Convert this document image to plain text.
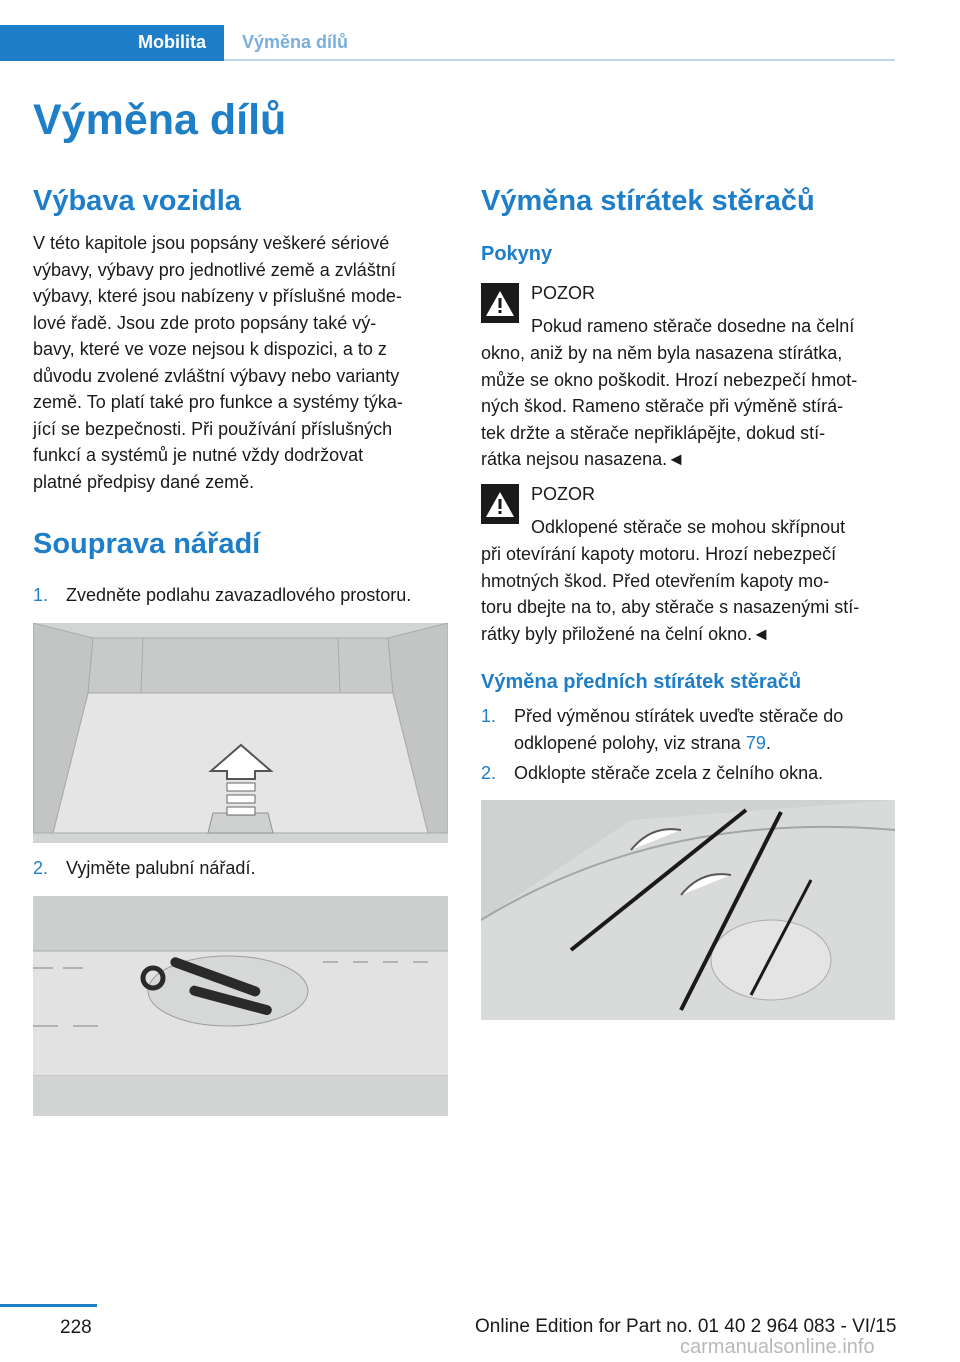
Mobilita Výměna dílů
Výměna dílů
Výbava vozidla

V této kapitole jsou popsány veškeré sériové
výbavy, výbavy pro jednotlivé země a zvláštní
výbavy, které jsou nabízeny v příslušné mode‐
lové řadě. Jsou zde proto popsány také vý‐
bavy, které ve voze nejsou k dispozici, a to z
důvodu zvolené zvláštní výbavy nebo varianty
země. To platí také pro funkce a systémy týka‐
jící se bezpečnosti. Při používání příslušných
funkcí a systémů je nutné vždy dodržovat
platné předpisy dané země.

Souprava nářadí
1. Zvedněte podlahu zavazadlového prostoru.
2. Vyjměte palubní nářadí.
Výměna stírátek stěračů
Pokyny
POZOR
Pokud rameno stěrače dosedne na čelní

okno, aniž by na něm byla nasazena stírátka,
může se okno poškodit. Hrozí nebezpečí hmot‐
ných škod. Rameno stěrače při výměně stírá‐
tek držte a stěrače nepřiklápějte, dokud stí‐
rátka nejsou nasazena.◄

POZOR
Odklopené stěrače se mohou skřípnout

při otevírání kapoty motoru. Hrozí nebezpečí
hmotných škod. Před otevřením kapoty mo‐
toru dbejte na to, aby stěrače s nasazenými stí‐
rátky byly přiložené na čelní okno.◄

Výměna předních stírátek stěračů
1. Před výměnou stírátek uveďte stěrače do
odklopené polohy, viz strana 79.
2. Odklopte stěrače zcela z čelního okna.
228	Online Edition for Part no. 01 40 2 964 083 - VI/15
carmanualsonline.info
